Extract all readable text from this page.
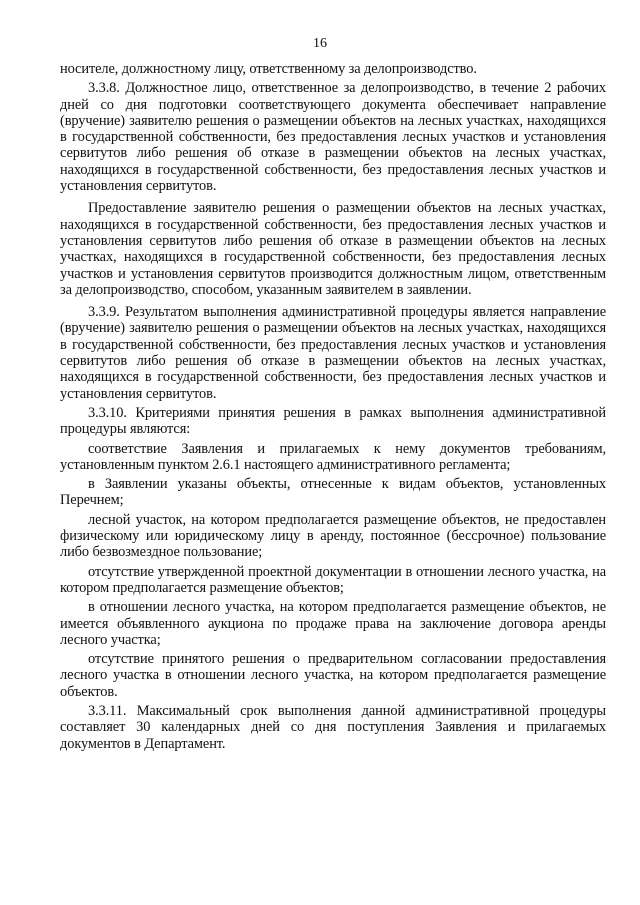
16

носителе, должностному лицу, ответственному за делопроизводство.

3.3.8. Должностное лицо, ответственное за делопроизводство, в течение 2 рабочих дней со дня подготовки соответствующего документа обеспечивает направление (вручение) заявителю решения о размещении объектов на лесных участках, находящихся в государственной собственности, без предоставления лесных участков и установления сервитутов либо решения об отказе в размещении объектов на лесных участках, находящихся в государственной собственности, без предоставления лесных участков и установления сервитутов.

Предоставление заявителю решения о размещении объектов на лесных участках, находящихся в государственной собственности, без предоставления лесных участков и установления сервитутов либо решения об отказе в размещении объектов на лесных участках, находящихся в государственной собственности, без предоставления лесных участков и установления сервитутов производится должностным лицом, ответственным за делопроизводство, способом, указанным заявителем в заявлении.

3.3.9. Результатом выполнения административной процедуры является направление (вручение) заявителю решения о размещении объектов на лесных участках, находящихся в государственной собственности, без предоставления лесных участков и установления сервитутов либо решения об отказе в размещении объектов на лесных участках, находящихся в государственной собственности, без предоставления лесных участков и установления сервитутов.

3.3.10. Критериями принятия решения в рамках выполнения административной процедуры являются:

соответствие Заявления и прилагаемых к нему документов требованиям, установленным пунктом 2.6.1 настоящего административного регламента;

в Заявлении указаны объекты, отнесенные к видам объектов, установленных Перечнем;

лесной участок, на котором предполагается размещение объектов, не предоставлен физическому или юридическому лицу в аренду, постоянное (бессрочное) пользование либо безвозмездное пользование;

отсутствие утвержденной проектной документации в отношении лесного участка, на котором предполагается размещение объектов;

в отношении лесного участка, на котором предполагается размещение объектов, не имеется объявленного аукциона по продаже права на заключение договора аренды лесного участка;

отсутствие принятого решения о предварительном согласовании предоставления лесного участка в отношении лесного участка, на котором предполагается размещение объектов.

3.3.11. Максимальный срок выполнения данной административной процедуры составляет 30 календарных дней со дня поступления Заявления и прилагаемых документов в Департамент.
